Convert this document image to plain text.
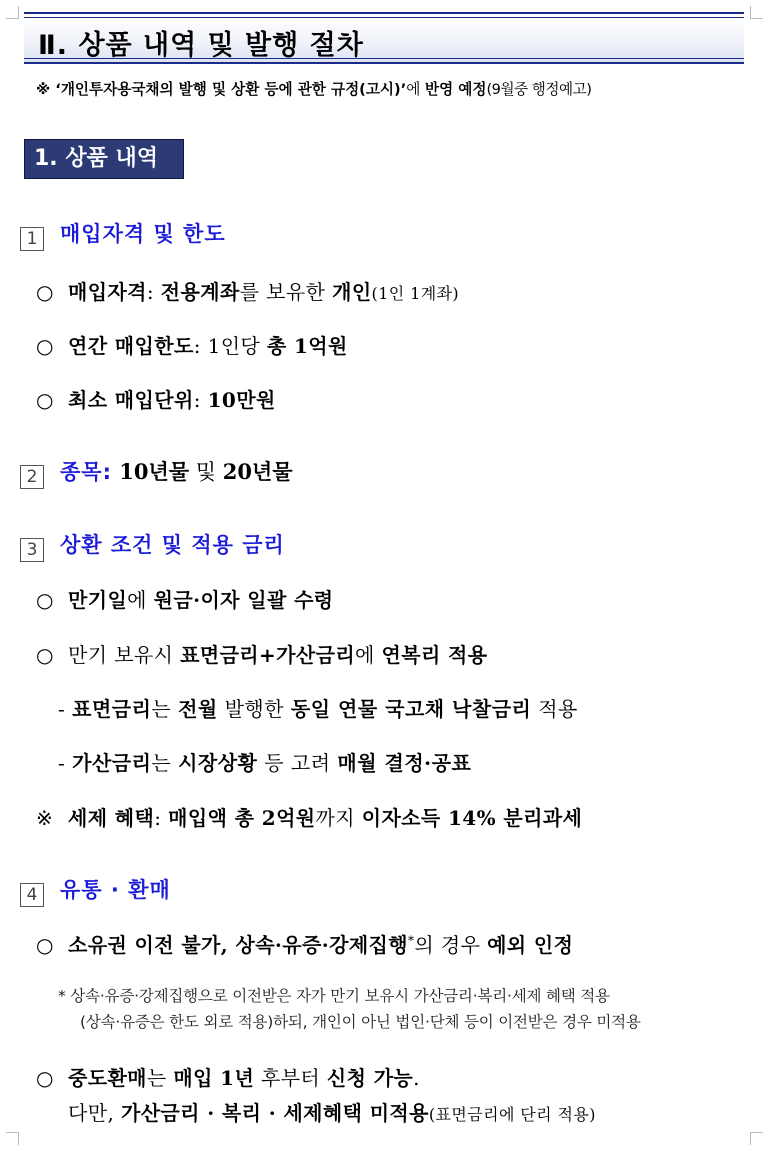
Ⅱ. 상품 내역 및 발행 절차
※ ‘개인투자용국채의 발행 및 상환 등에 관한 규정(고시)’에 반영 예정(9월중 행정예고)
1. 상품 내역
1 매입자격 및 한도
○ 매입자격: 전용계좌를 보유한 개인(1인 1계좌)
○ 연간 매입한도: 1인당 총 1억원
○ 최소 매입단위: 10만원
2 종목: 10년물 및 20년물
3 상환 조건 및 적용 금리
○ 만기일에 원금·이자 일괄 수령
○ 만기 보유시 표면금리+가산금리에 연복리 적용
- 표면금리는 전월 발행한 동일 연물 국고채 낙찰금리 적용
- 가산금리는 시장상황 등 고려 매월 결정·공표
※세제 혜택: 매입액 총 2억원까지 이자소득 14% 분리과세
4 유통 · 환매
○ 소유권 이전 불가, 상속·유증·강제집행*의 경우 예외 인정
* 상속·유증·강제집행으로 이전받은 자가 만기 보유시 가산금리·복리·세제 혜택 적용
(상속·유증은 한도 외로 적용)하되, 개인이 아닌 법인·단체 등이 이전받은 경우 미적용
○ 중도환매는 매입 1년 후부터 신청 가능.
다만, 가산금리 · 복리 · 세제혜택 미적용(표면금리에 단리 적용)
